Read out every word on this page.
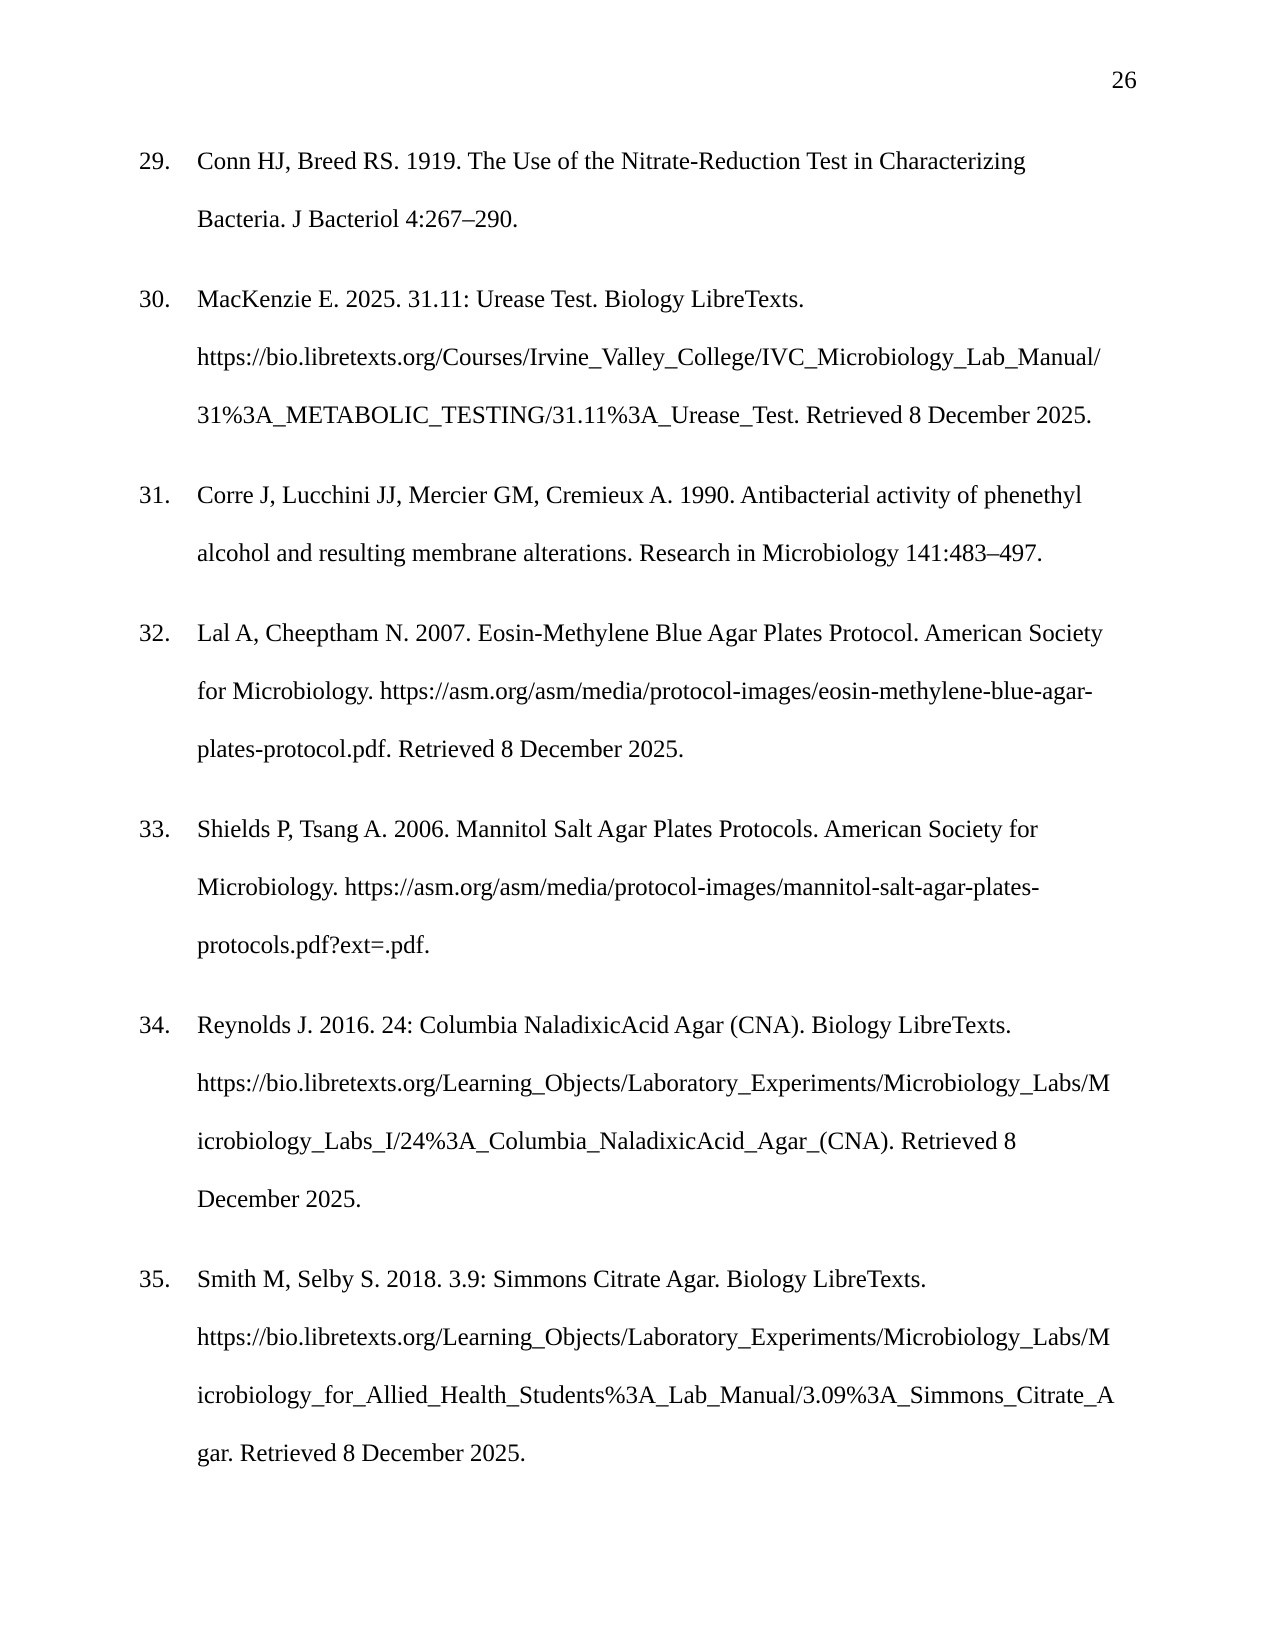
26
29.	Conn HJ, Breed RS. 1919. The Use of the Nitrate-Reduction Test in Characterizing
Bacteria. J Bacteriol 4:267–290.
30.	MacKenzie E. 2025. 31.11: Urease Test. Biology LibreTexts.
https://bio.libretexts.org/Courses/Irvine_Valley_College/IVC_Microbiology_Lab_Manual/
31%3A_METABOLIC_TESTING/31.11%3A_Urease_Test. Retrieved 8 December 2025.
31.	Corre J, Lucchini JJ, Mercier GM, Cremieux A. 1990. Antibacterial activity of phenethyl
alcohol and resulting membrane alterations. Research in Microbiology 141:483–497.
32.	Lal A, Cheeptham N. 2007. Eosin-Methylene Blue Agar Plates Protocol. American Society
for Microbiology. https://asm.org/asm/media/protocol-images/eosin-methylene-blue-agar-
plates-protocol.pdf. Retrieved 8 December 2025.
33.	Shields P, Tsang A. 2006. Mannitol Salt Agar Plates Protocols. American Society for
Microbiology. https://asm.org/asm/media/protocol-images/mannitol-salt-agar-plates-
protocols.pdf?ext=.pdf.
34.	Reynolds J. 2016. 24: Columbia NaladixicAcid Agar (CNA). Biology LibreTexts.
https://bio.libretexts.org/Learning_Objects/Laboratory_Experiments/Microbiology_Labs/M
icrobiology_Labs_I/24%3A_Columbia_NaladixicAcid_Agar_(CNA). Retrieved 8
December 2025.
35.	Smith M, Selby S. 2018. 3.9: Simmons Citrate Agar. Biology LibreTexts.
https://bio.libretexts.org/Learning_Objects/Laboratory_Experiments/Microbiology_Labs/M
icrobiology_for_Allied_Health_Students%3A_Lab_Manual/3.09%3A_Simmons_Citrate_A
gar. Retrieved 8 December 2025.
